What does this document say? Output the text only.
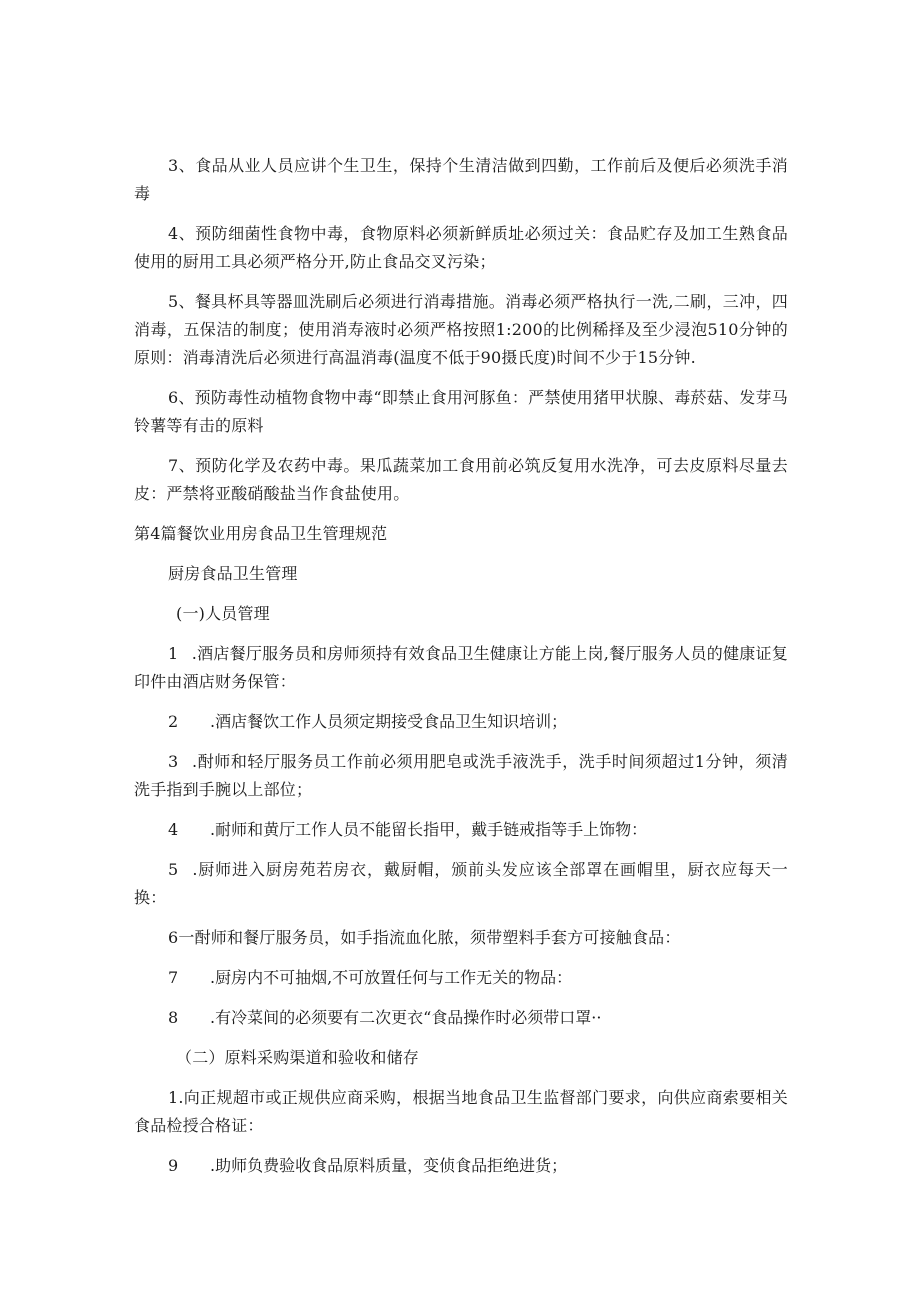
3、食品从业人员应讲个生卫生，保持个生清洁做到四勤，工作前后及便后必须洗手消毒

4、预防细菌性食物中毒，食物原料必须新鲜质址必须过关：食品贮存及加工生熟食品使用的厨用工具必须严格分开,防止食品交叉污染；

5、餐具杯具等器皿洗刷后必须进行消毒措施。消毒必须严格执行一洗,二刷，三冲，四消毒，五保洁的制度；使用消寿液时必须严格按照1:200的比例稀择及至少浸泡510分钟的原则：消毒清洗后必须进行高温消毒(温度不低于90摄氏度)时间不少于15分钟.

6、预防毒性动植物食物中毒“即禁止食用河豚鱼：严禁使用猪甲状腺、毒菸菇、发芽马铃薯等有击的原料

7、预防化学及农药中毒。果瓜蔬菜加工食用前必筑反复用水洗净，可去皮原料尽量去皮：严禁将亚酸硝酸盐当作食盐使用。

第4篇餐饮业用房食品卫生管理规范

厨房食品卫生管理

(一)人员管理

1 .酒店餐厅服务员和房师须持有效食品卫生健康让方能上岗,餐厅服务人员的健康证复印件由酒店财务保管：

2	.酒店餐饮工作人员须定期接受食品卫生知识培训；

3 .酎师和轻厅服务员工作前必须用肥皂或洗手液洗手，洗手时间须超过1分钟，须清洗手指到手腕以上部位；

4	.耐师和黄厅工作人员不能留长指甲，戴手链戒指等手上饰物：

5 .厨师进入厨房苑若房衣，戴厨帽，颁前头发应该全部罩在画帽里，厨衣应每天一换：

6一酎师和餐厅服务员，如手指流血化脓，须带塑料手套方可接触食品：

7	.厨房内不可抽烟,不可放置任何与工作无关的物品：
8	.有冷菜间的必须要有二次更衣“食品操作时必须带口罩··

（二）原料采购渠道和验收和储存

1.向正规超市或正规供应商采购，根据当地食品卫生监督部门要求，向供应商索要相关食品检授合格证：

9	.助师负费验收食品原料质量，变侦食品拒绝进货；
